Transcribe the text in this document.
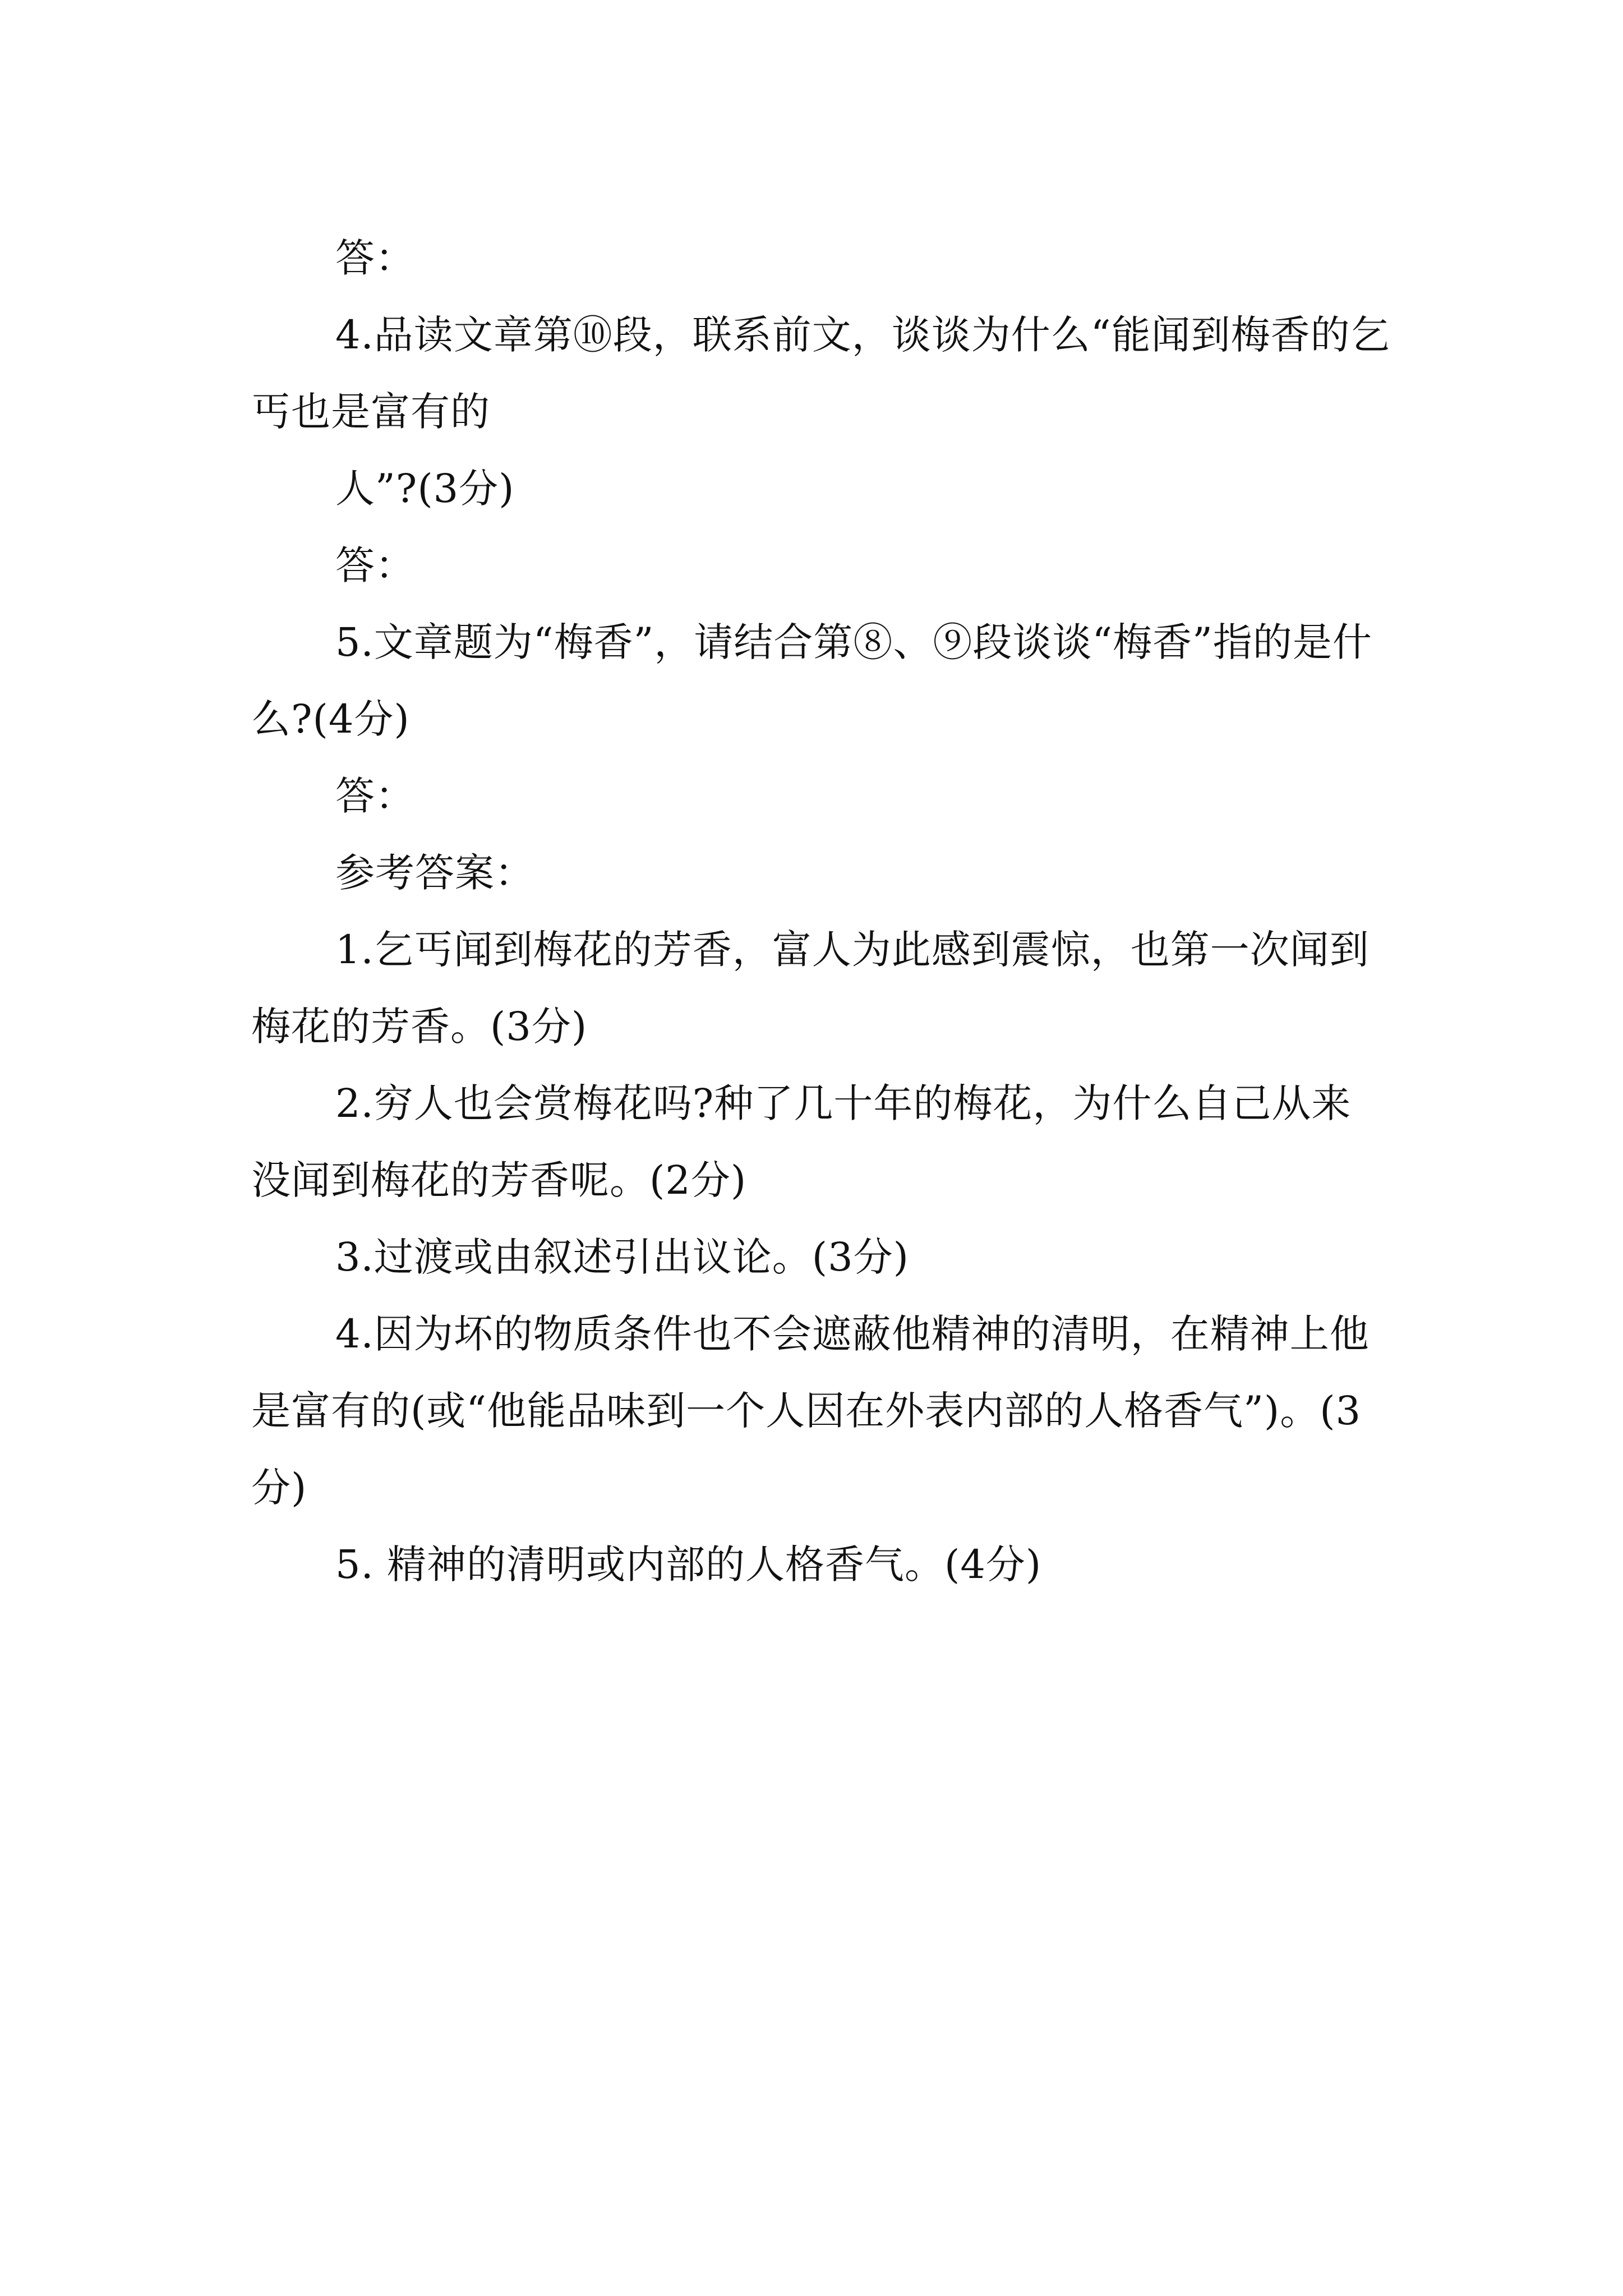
答：

4.品读文章第⑩段，联系前文，谈谈为什么“能闻到梅香的乞丐也是富有的

人”?(3分)

答：

5.文章题为“梅香”，请结合第⑧、⑨段谈谈“梅香”指的是什么?(4分)

答：

参考答案：

1.乞丐闻到梅花的芳香，富人为此感到震惊，也第一次闻到梅花的芳香。(3分)

2.穷人也会赏梅花吗?种了几十年的梅花，为什么自己从来没闻到梅花的芳香呢。(2分)

3.过渡或由叙述引出议论。(3分)

4.因为坏的物质条件也不会遮蔽他精神的清明，在精神上他是富有的(或“他能品味到一个人因在外表内部的人格香气”)。(3分)

5. 精神的清明或内部的人格香气。(4分)
